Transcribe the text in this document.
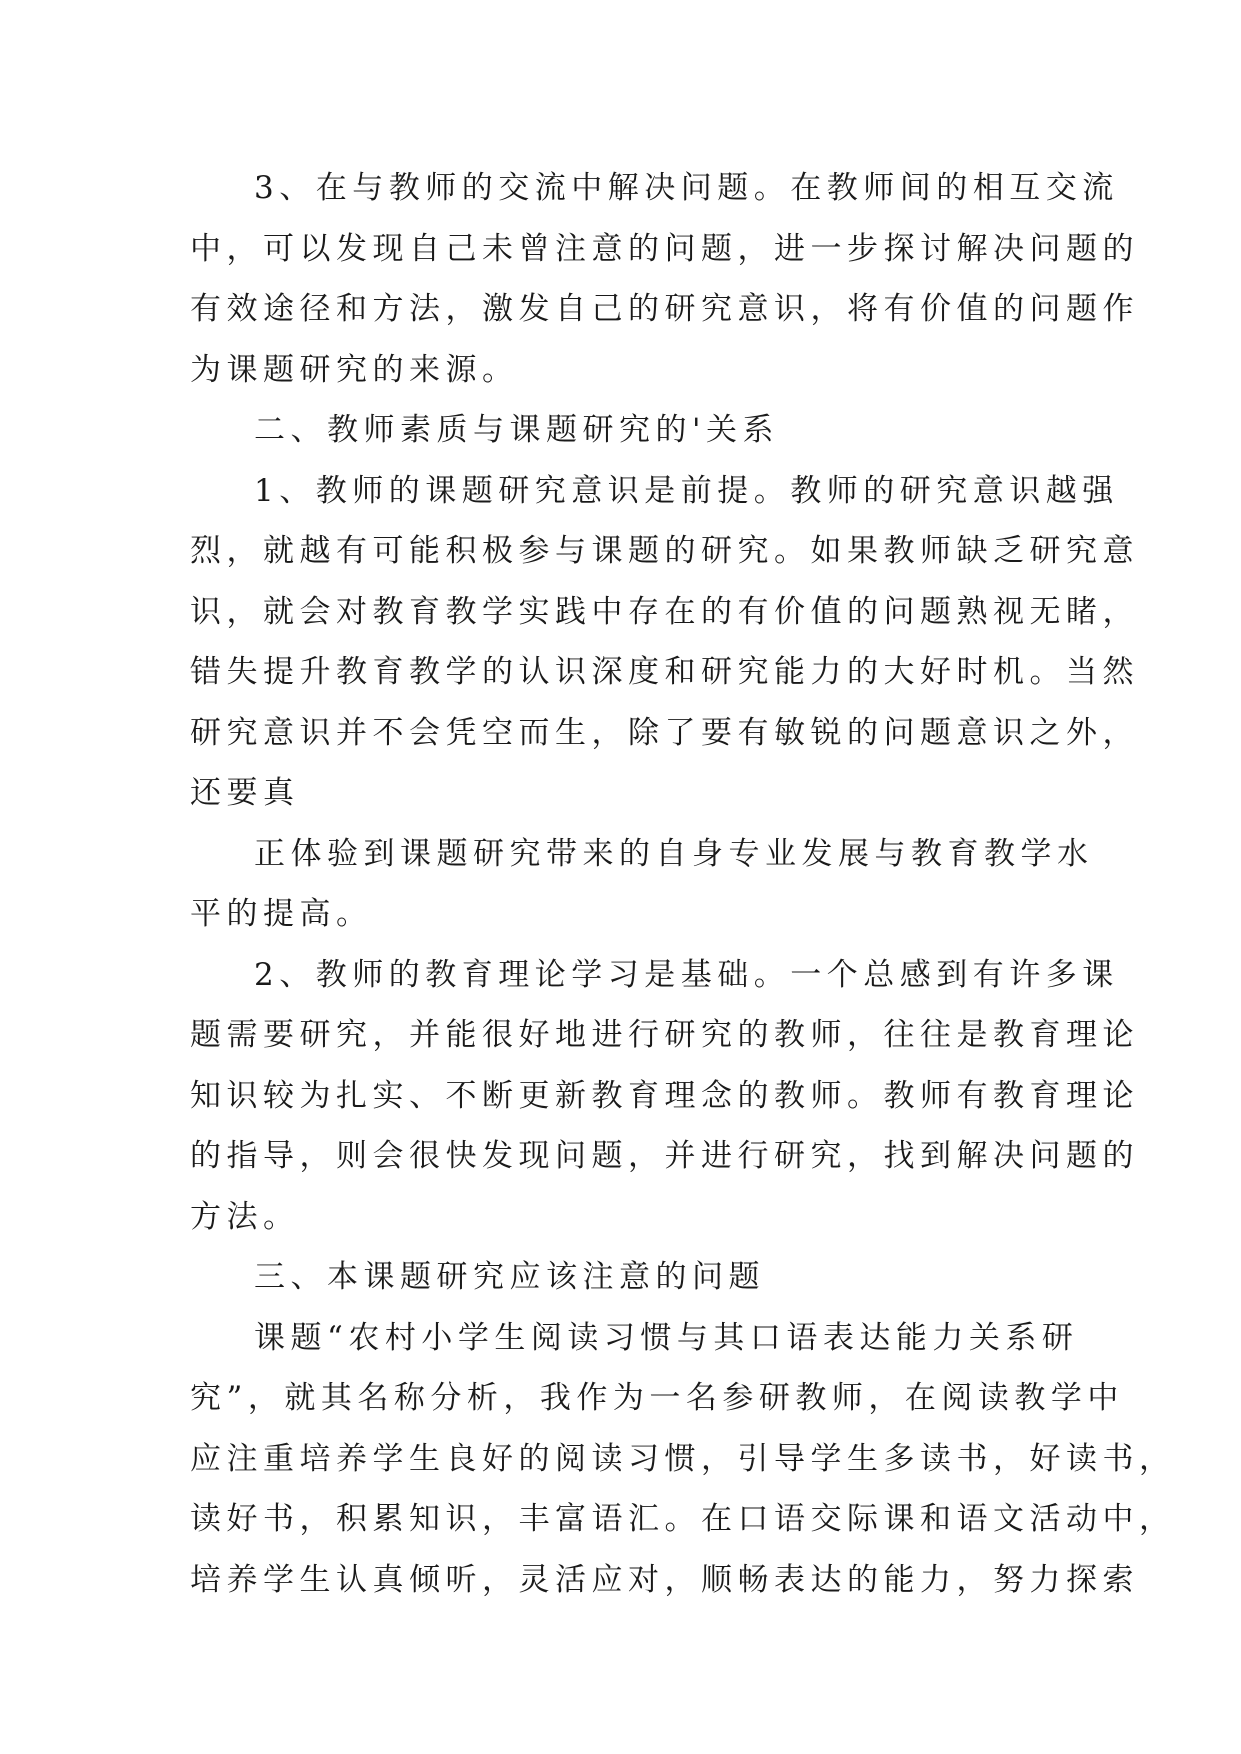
3、在与教师的交流中解决问题。在教师间的相互交流
中，可以发现自己未曾注意的问题，进一步探讨解决问题的
有效途径和方法，激发自己的研究意识，将有价值的问题作
为课题研究的来源。
二、教师素质与课题研究的'关系
1、教师的课题研究意识是前提。教师的研究意识越强
烈，就越有可能积极参与课题的研究。如果教师缺乏研究意
识，就会对教育教学实践中存在的有价值的问题熟视无睹，
错失提升教育教学的认识深度和研究能力的大好时机。当然
研究意识并不会凭空而生，除了要有敏锐的问题意识之外，
还要真
正体验到课题研究带来的自身专业发展与教育教学水
平的提高。
2、教师的教育理论学习是基础。一个总感到有许多课
题需要研究，并能很好地进行研究的教师，往往是教育理论
知识较为扎实、不断更新教育理念的教师。教师有教育理论
的指导，则会很快发现问题，并进行研究，找到解决问题的
方法。
三、本课题研究应该注意的问题
课题“农村小学生阅读习惯与其口语表达能力关系研
究”，就其名称分析，我作为一名参研教师，在阅读教学中
应注重培养学生良好的阅读习惯，引导学生多读书，好读书，
读好书，积累知识，丰富语汇。在口语交际课和语文活动中，
培养学生认真倾听，灵活应对，顺畅表达的能力，努力探索
